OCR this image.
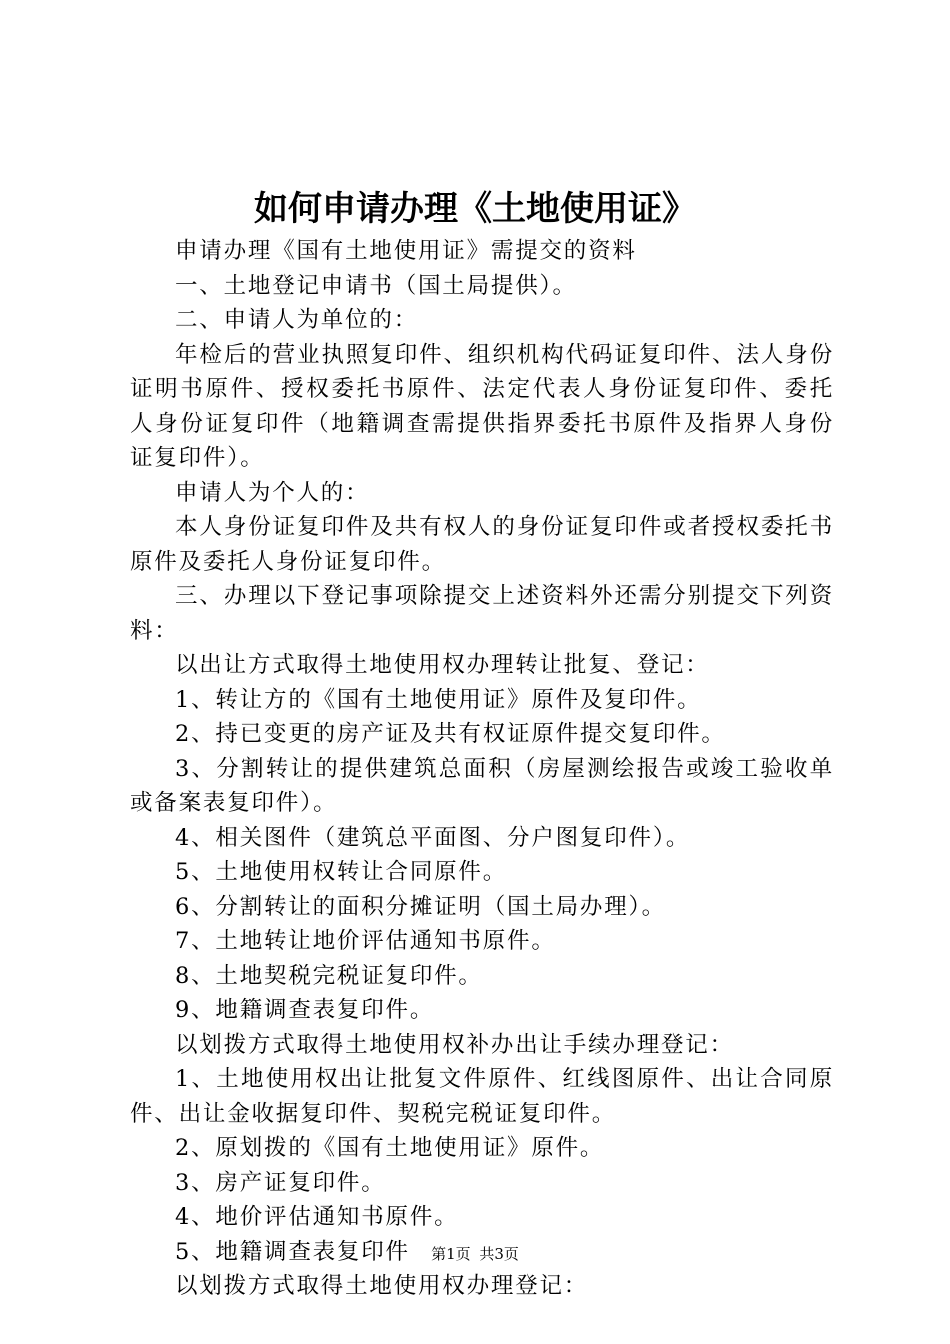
如何申请办理《土地使用证》

申请办理《国有土地使用证》需提交的资料

一、土地登记申请书（国土局提供）。

二、申请人为单位的：

年检后的营业执照复印件、组织机构代码证复印件、法人身份证明书原件、授权委托书原件、法定代表人身份证复印件、委托人身份证复印件（地籍调查需提供指界委托书原件及指界人身份证复印件）。

申请人为个人的：

本人身份证复印件及共有权人的身份证复印件或者授权委托书原件及委托人身份证复印件。

三、办理以下登记事项除提交上述资料外还需分别提交下列资料：

以出让方式取得土地使用权办理转让批复、登记：

1、转让方的《国有土地使用证》原件及复印件。

2、持已变更的房产证及共有权证原件提交复印件。

3、分割转让的提供建筑总面积（房屋测绘报告或竣工验收单或备案表复印件）。

4、相关图件（建筑总平面图、分户图复印件）。

5、土地使用权转让合同原件。

6、分割转让的面积分摊证明（国土局办理）。

7、土地转让地价评估通知书原件。

8、土地契税完税证复印件。

9、地籍调查表复印件。

以划拨方式取得土地使用权补办出让手续办理登记：

1、土地使用权出让批复文件原件、红线图原件、出让合同原件、出让金收据复印件、契税完税证复印件。

2、原划拨的《国有土地使用证》原件。

3、房产证复印件。

4、地价评估通知书原件。

5、地籍调查表复印件

以划拨方式取得土地使用权办理登记：

第1页 共3页
